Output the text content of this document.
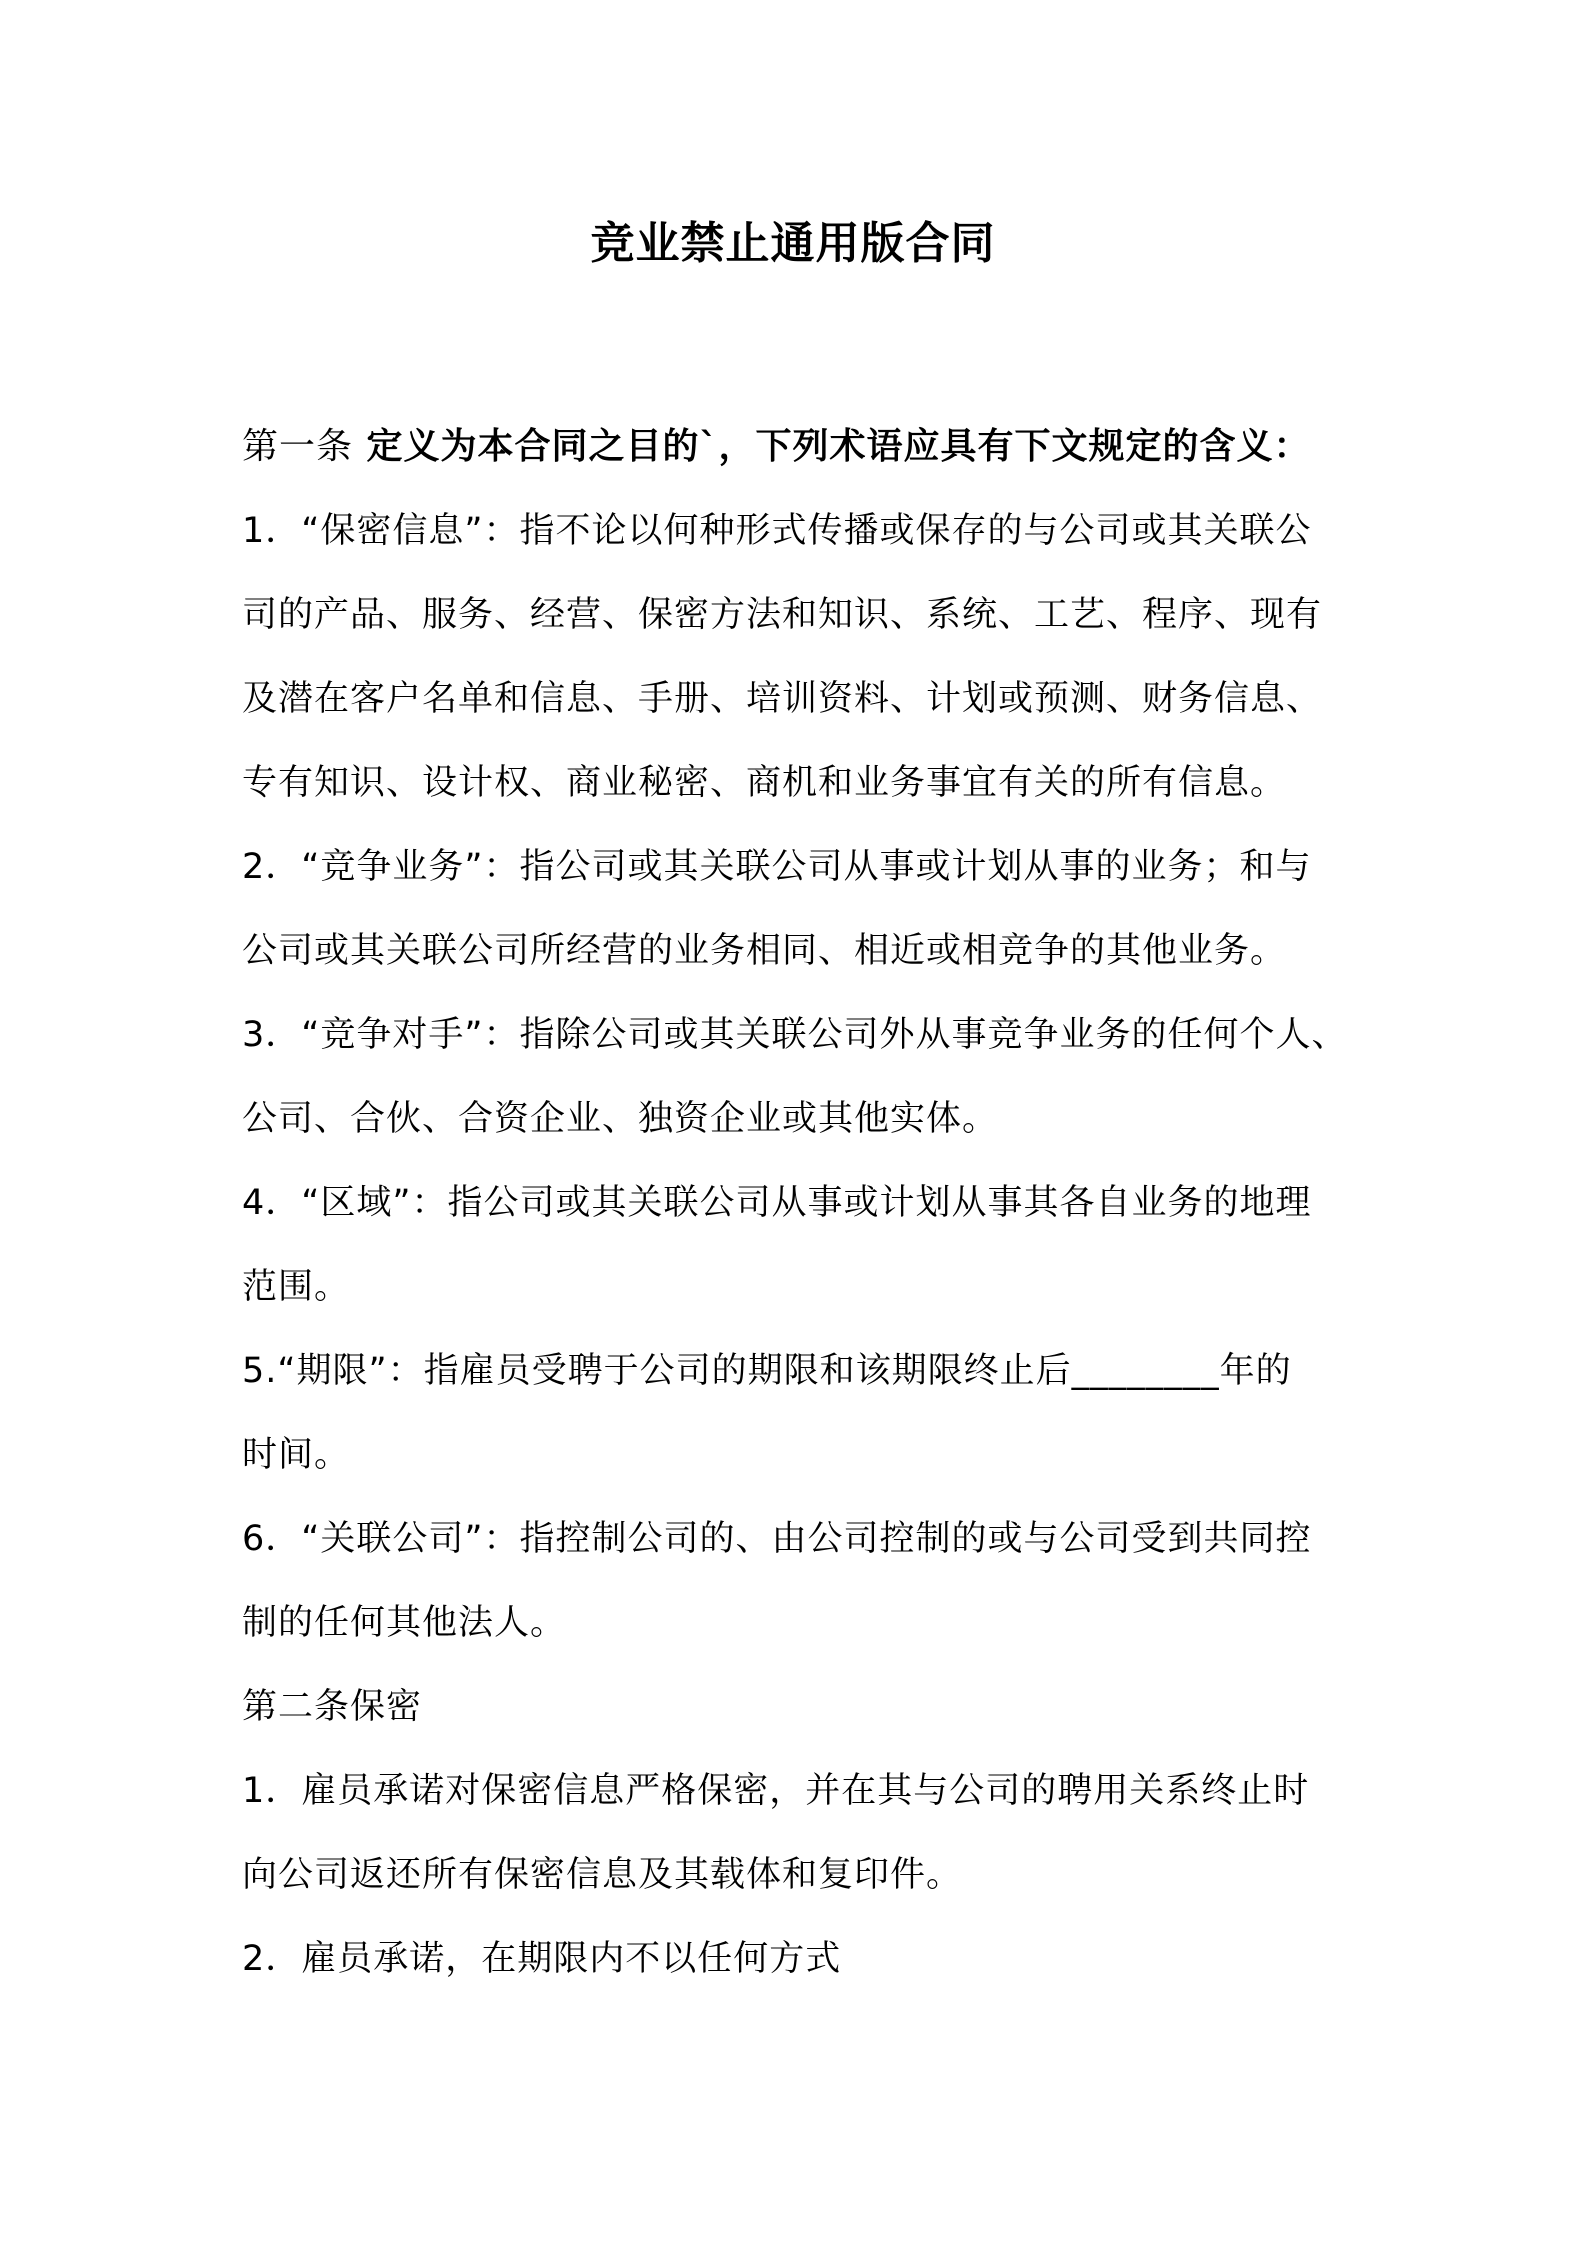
竞业禁止通用版合同
第一条 定义为本合同之目的`，下列术语应具有下文规定的含义：
1．“保密信息”：指不论以何种形式传播或保存的与公司或其关联公
司的产品、服务、经营、保密方法和知识、系统、工艺、程序、现有
及潜在客户名单和信息、手册、培训资料、计划或预测、财务信息、
专有知识、设计权、商业秘密、商机和业务事宜有关的所有信息。
2．“竞争业务”：指公司或其关联公司从事或计划从事的业务；和与
公司或其关联公司所经营的业务相同、相近或相竞争的其他业务。
3．“竞争对手”：指除公司或其关联公司外从事竞争业务的任何个人、
公司、合伙、合资企业、独资企业或其他实体。
4．“区域”：指公司或其关联公司从事或计划从事其各自业务的地理
范围。
5.“期限”：指雇员受聘于公司的期限和该期限终止后________年的
时间。
6．“关联公司”：指控制公司的、由公司控制的或与公司受到共同控
制的任何其他法人。
第二条保密
1．雇员承诺对保密信息严格保密，并在其与公司的聘用关系终止时
向公司返还所有保密信息及其载体和复印件。
2．雇员承诺，在期限内不以任何方式
